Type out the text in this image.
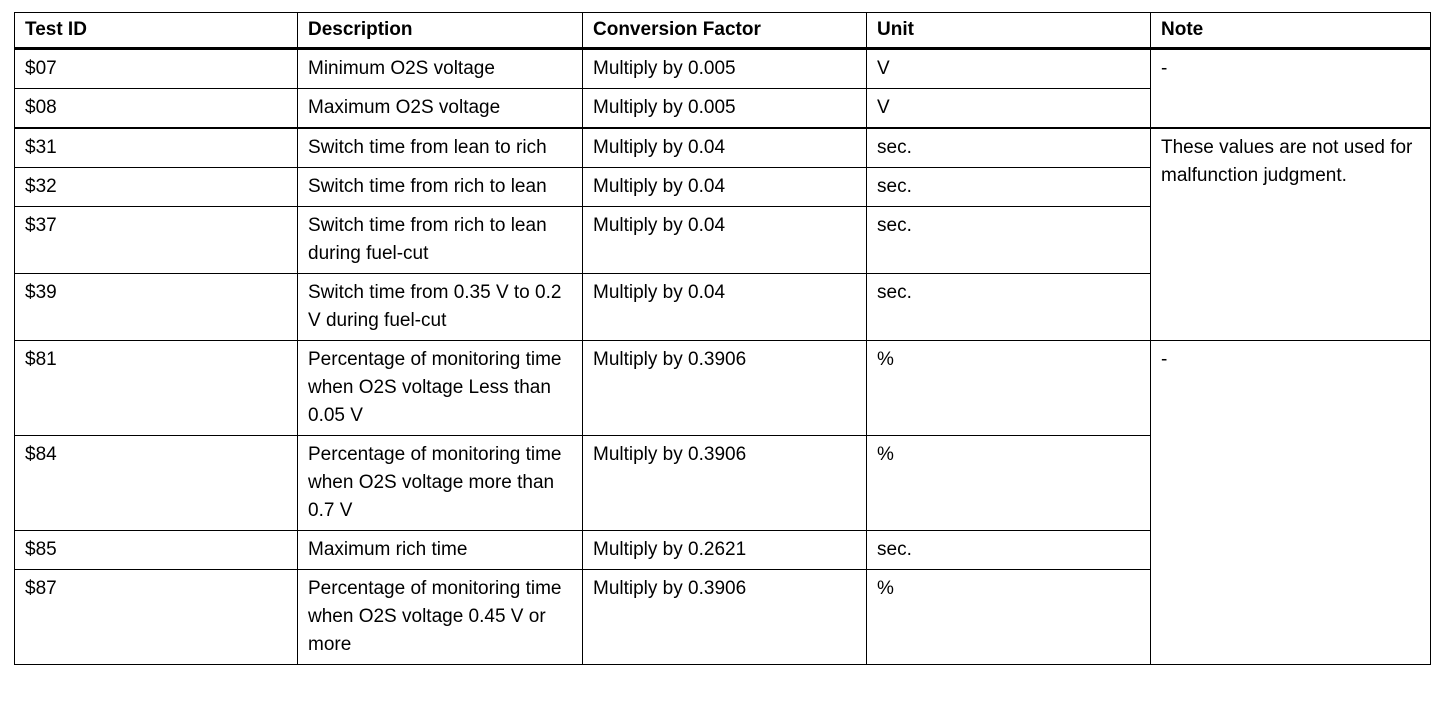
Test ID	Description	Conversion Factor	Unit	Note
$07	Minimum O2S voltage	Multiply by 0.005	V	-
$08	Maximum O2S voltage	Multiply by 0.005	V	
$31	Switch time from lean to rich	Multiply by 0.04	sec.	These values are not used for malfunction judgment.
$32	Switch time from rich to lean	Multiply by 0.04	sec.	
$37	Switch time from rich to lean during fuel-cut	Multiply by 0.04	sec.	
$39	Switch time from 0.35 V to 0.2 V during fuel-cut	Multiply by 0.04	sec.	
$81	Percentage of monitoring time when O2S voltage Less than 0.05 V	Multiply by 0.3906	%	-
$84	Percentage of monitoring time when O2S voltage more than 0.7 V	Multiply by 0.3906	%	
$85	Maximum rich time	Multiply by 0.2621	sec.	
$87	Percentage of monitoring time when O2S voltage 0.45 V or more	Multiply by 0.3906	%	
